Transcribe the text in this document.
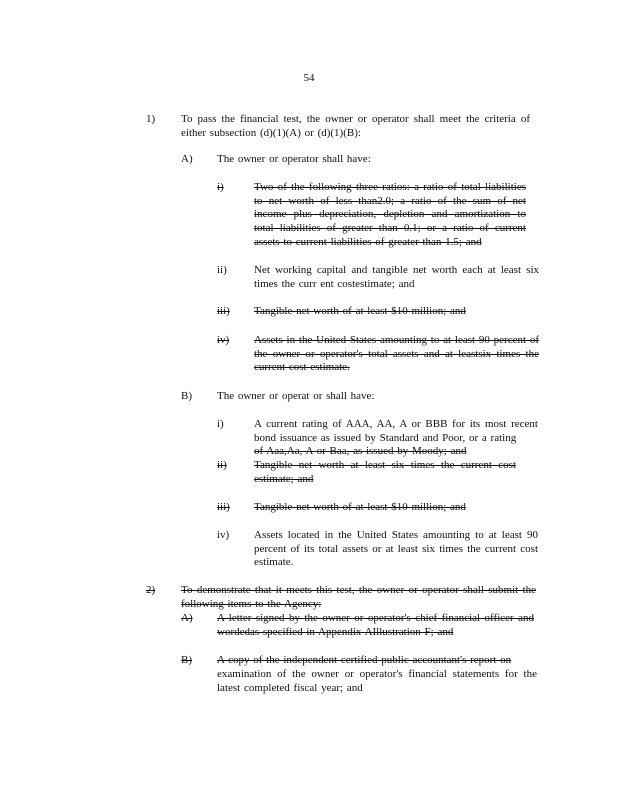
54
1) To pass the financial test, the owner or operator shall meet the criteria of either subsection (d)(1)(A) or (d)(1)(B):
A) The owner or operator shall have:
i)	Two of the following three ratios: a ratio of total liabilities to net worth of less than2.0; a ratio of the sum of net income plus depreciation, depletion and amortization to total liabilities of greater than 0.1; or a ratio of current assets to current liabilities of greater than 1.5; and
ii) Net working capital and tangible net worth each at least six times the curr ent costestimate; and
iii) Tangible net worth of at least $10 million; and
iv) Assets in the United States amounting to at least 90 percent of the owner or operator's total assets and at leastsix times the current cost estimate.
B) The owner or operat or shall have:
i)	A current rating of AAA, AA, A or BBB for its most recent bond issuance as issued by Standard and Poor, or a rating
of Aaa,Aa, A or Baa, as issued by Moody; and
ii) Tangible net worth at least six times the current cost estimate; and
iii) Tangible net worth of at least $10 million; and
iv) Assets located in the United States amounting to at least 90 percent of its total assets or at least six times the current cost estimate.
2) To demonstrate that it meets this test, the owner or operator shall submit the following items to the Agency:
A) A letter signed by the owner or operator's chief financial officer and wordedas specified in Appendix AIllustration F; and
B) A copy of the independent certified public accountant's report on
examination of the owner or operator's financial statements for the latest completed fiscal year; and
